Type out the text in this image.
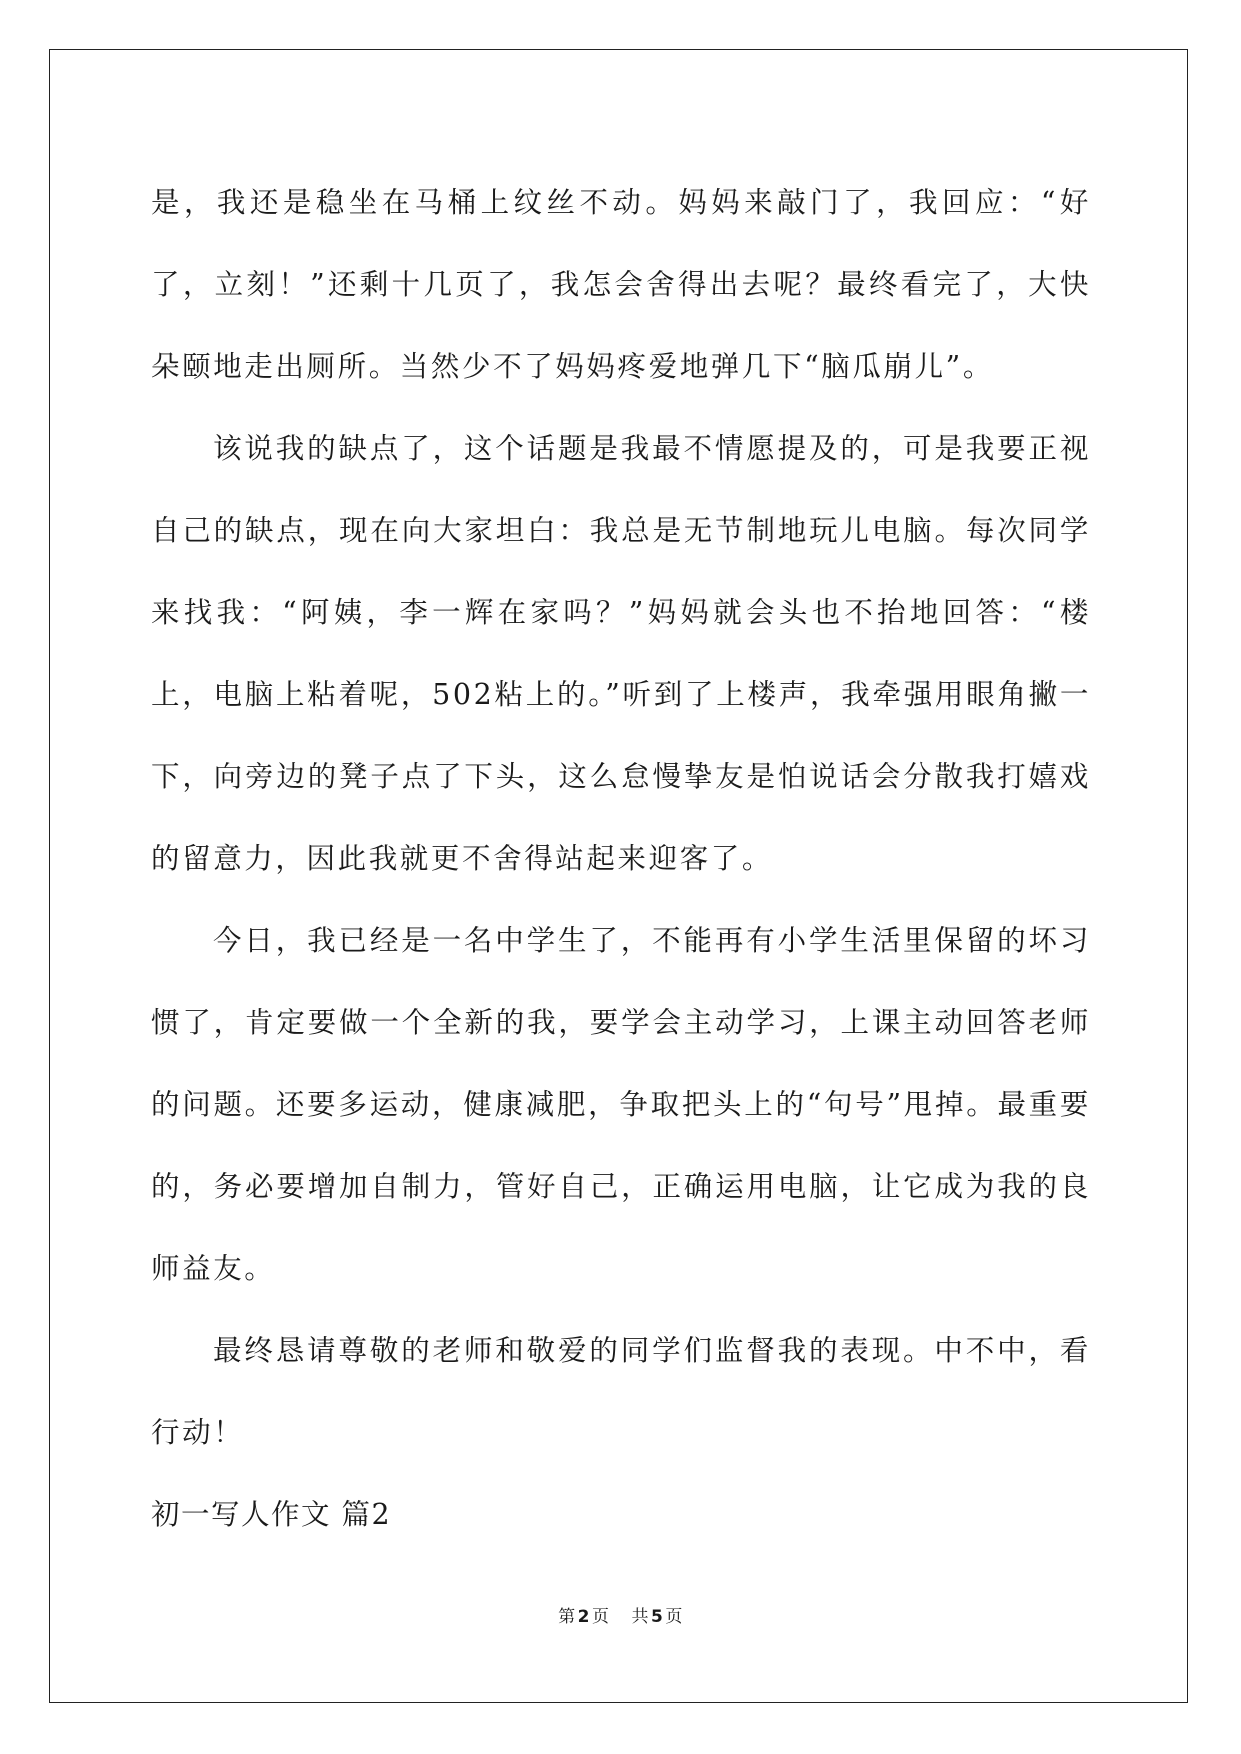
是，我还是稳坐在马桶上纹丝不动。妈妈来敲门了，我回应：“好了，立刻！”还剩十几页了，我怎会舍得出去呢？最终看完了，大快朵颐地走出厕所。当然少不了妈妈疼爱地弹几下“脑瓜崩儿”。

该说我的缺点了，这个话题是我最不情愿提及的，可是我要正视自己的缺点，现在向大家坦白：我总是无节制地玩儿电脑。每次同学来找我：“阿姨，李一辉在家吗？”妈妈就会头也不抬地回答：“楼上，电脑上粘着呢，502粘上的。”听到了上楼声，我牵强用眼角撇一下，向旁边的凳子点了下头，这么怠慢挚友是怕说话会分散我打嬉戏的留意力，因此我就更不舍得站起来迎客了。

今日，我已经是一名中学生了，不能再有小学生活里保留的坏习惯了，肯定要做一个全新的我，要学会主动学习，上课主动回答老师的问题。还要多运动，健康减肥，争取把头上的“句号”甩掉。最重要的，务必要增加自制力，管好自己，正确运用电脑，让它成为我的良师益友。

最终恳请尊敬的老师和敬爱的同学们监督我的表现。中不中，看行动！

初一写人作文 篇2

第 2 页 共 5 页
